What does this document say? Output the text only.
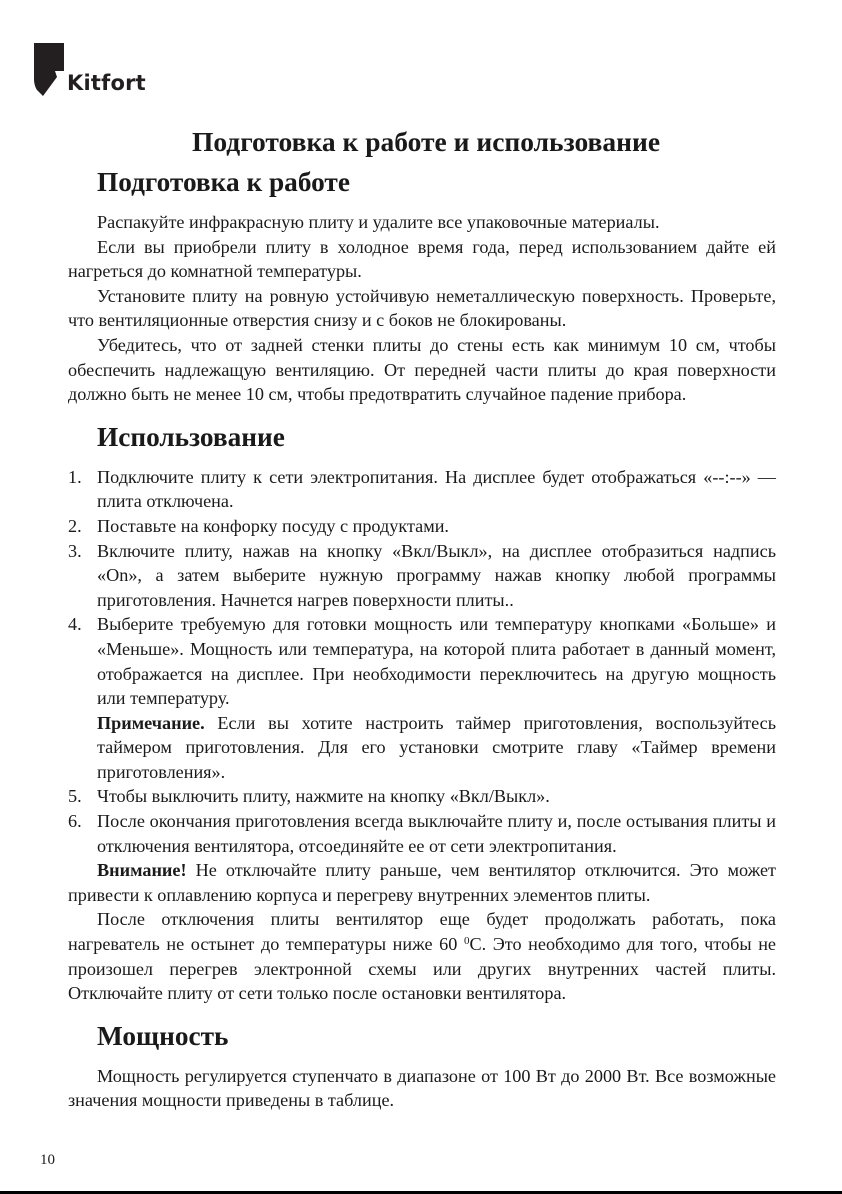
Kitfort
Подготовка к работе и использование
Подготовка к работе

Распакуйте инфракрасную плиту и удалите все упаковочные материалы.

Если вы приобрели плиту в холодное время года, перед использованием дайте ей нагреться до комнатной температуры.

Установите плиту на ровную устойчивую неметаллическую поверхность. Проверьте, что вентиляционные отверстия снизу и с боков не блокированы.

Убедитесь, что от задней стенки плиты до стены есть как минимум 10 см, чтобы обеспечить надлежащую вентиляцию. От передней части плиты до края поверхности должно быть не менее 10 см, чтобы предотвратить случайное падение прибора.

Использование
1. Подключите плиту к сети электропитания. На дисплее будет отображаться «--:--» — плита отключена.
2. Поставьте на конфорку посуду с продуктами.
3. Включите плиту, нажав на кнопку «Вкл/Выкл», на дисплее отобразиться надпись «On», а затем выберите нужную программу нажав кнопку любой программы приготовления. Начнется нагрев поверхности плиты..
4. Выберите требуемую для готовки мощность или температуру кнопками «Больше» и «Меньше». Мощность или температура, на которой плита работает в данный момент, отображается на дисплее. При необходимости переключитесь на другую мощность или температуру.

Примечание. Если вы хотите настроить таймер приготовления, воспользуйтесь таймером приготовления. Для его установки смотрите главу «Таймер времени приготовления».

5. Чтобы выключить плиту, нажмите на кнопку «Вкл/Выкл».
6. После окончания приготовления всегда выключайте плиту и, после остывания плиты и отключения вентилятора, отсоединяйте ее от сети электропитания.

Внимание! Не отключайте плиту раньше, чем вентилятор отключится. Это может привести к оплавлению корпуса и перегреву внутренних элементов плиты.

После отключения плиты вентилятор еще будет продолжать работать, пока нагреватель не остынет до температуры ниже 60 $^0$С. Это необходимо для того, чтобы не произошел перегрев электронной схемы или других внутренних частей плиты. Отключайте плиту от сети только после остановки вентилятора.

Мощность

Мощность регулируется ступенчато в диапазоне от 100 Вт до 2000 Вт. Все возможные значения мощности приведены в таблице.

10
